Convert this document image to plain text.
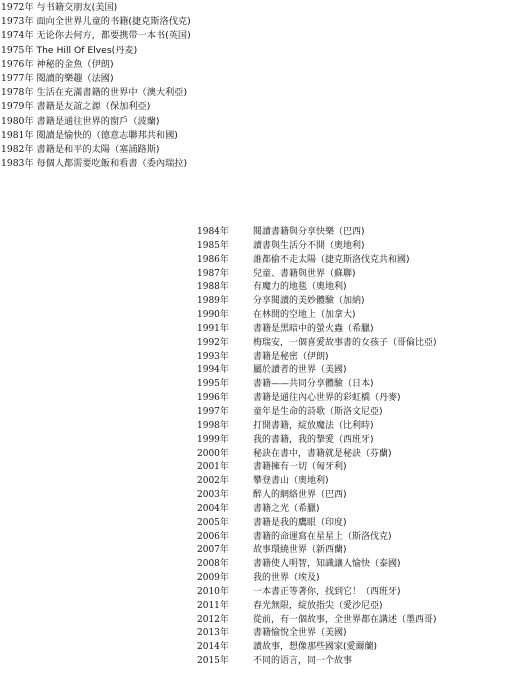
1972年 与书籍交朋友(美国)
1973年 面向全世界儿童的书籍(捷克斯洛伐克)
1974年 无论你去何方，都要携带一本书(英国)
1975年 The Hill Of Elves(丹麦)
1976年 神秘的金魚（伊朗)
1977年 閱讀的樂趣（法國)
1978年 生活在充滿書籍的世界中（澳大利亞)
1979年 書籍是友誼之源（保加利亞)
1980年 書籍是通往世界的窗戶（波蘭)
1981年 閱讀是愉快的（德意志聯邦共和國)
1982年 書籍是和平的太陽（塞浦路斯)
1983年 每個人都需要吃飯和看書（委內瑞拉)
1984年	閱讀書籍與分享快樂（巴西)
1985年	讀書與生活分不開（奧地利)
1986年	誰都偷不走太陽（捷克斯洛伐克共和國)
1987年	兒童、書籍與世界（蘇聯)
1988年	有魔力的地毯（奧地利)
1989年	分享閱讀的美妙體驗（加納)
1990年	在林間的空地上（加拿大)
1991年	書籍是黑暗中的螢火蟲（希臘)
1992年	梅瑞安，一個喜愛故事書的女孩子（哥倫比亞)
1993年	書籍是秘密（伊朗)
1994年	屬於讀者的世界（美國)
1995年	書籍——共同分享體驗（日本)
1996年	書籍是通往內心世界的彩虹橋（丹麥)
1997年	童年是生命的詩歌（斯洛文尼亞)
1998年	打開書籍，綻放魔法（比利時)
1999年	我的書籍，我的摯愛（西班牙)
2000年	秘訣在書中，書籍就是秘訣（芬蘭)
2001年	書籍擁有一切（匈牙利)
2002年	攀登書山（奧地利)
2003年	醉人的網絡世界（巴西)
2004年	書籍之光（希臘)
2005年	書籍是我的鷹眼（印度)
2006年	書籍的命運寫在星星上（斯洛伐克)
2007年	故事環繞世界（新西蘭)
2008年	書籍使人明智，知識讓人愉快（泰國)
2009年	我的世界（埃及)
2010年	一本書正等著你，找到它！（西班牙)
2011年	春光無限，綻放指尖（愛沙尼亞)
2012年	從前，有一個故事，全世界都在講述（墨西哥)
2013年	書籍愉悅全世界（美國)
2014年	讀故事，想像那些國家(愛爾蘭)
2015年	不同的语言，同一个故事
